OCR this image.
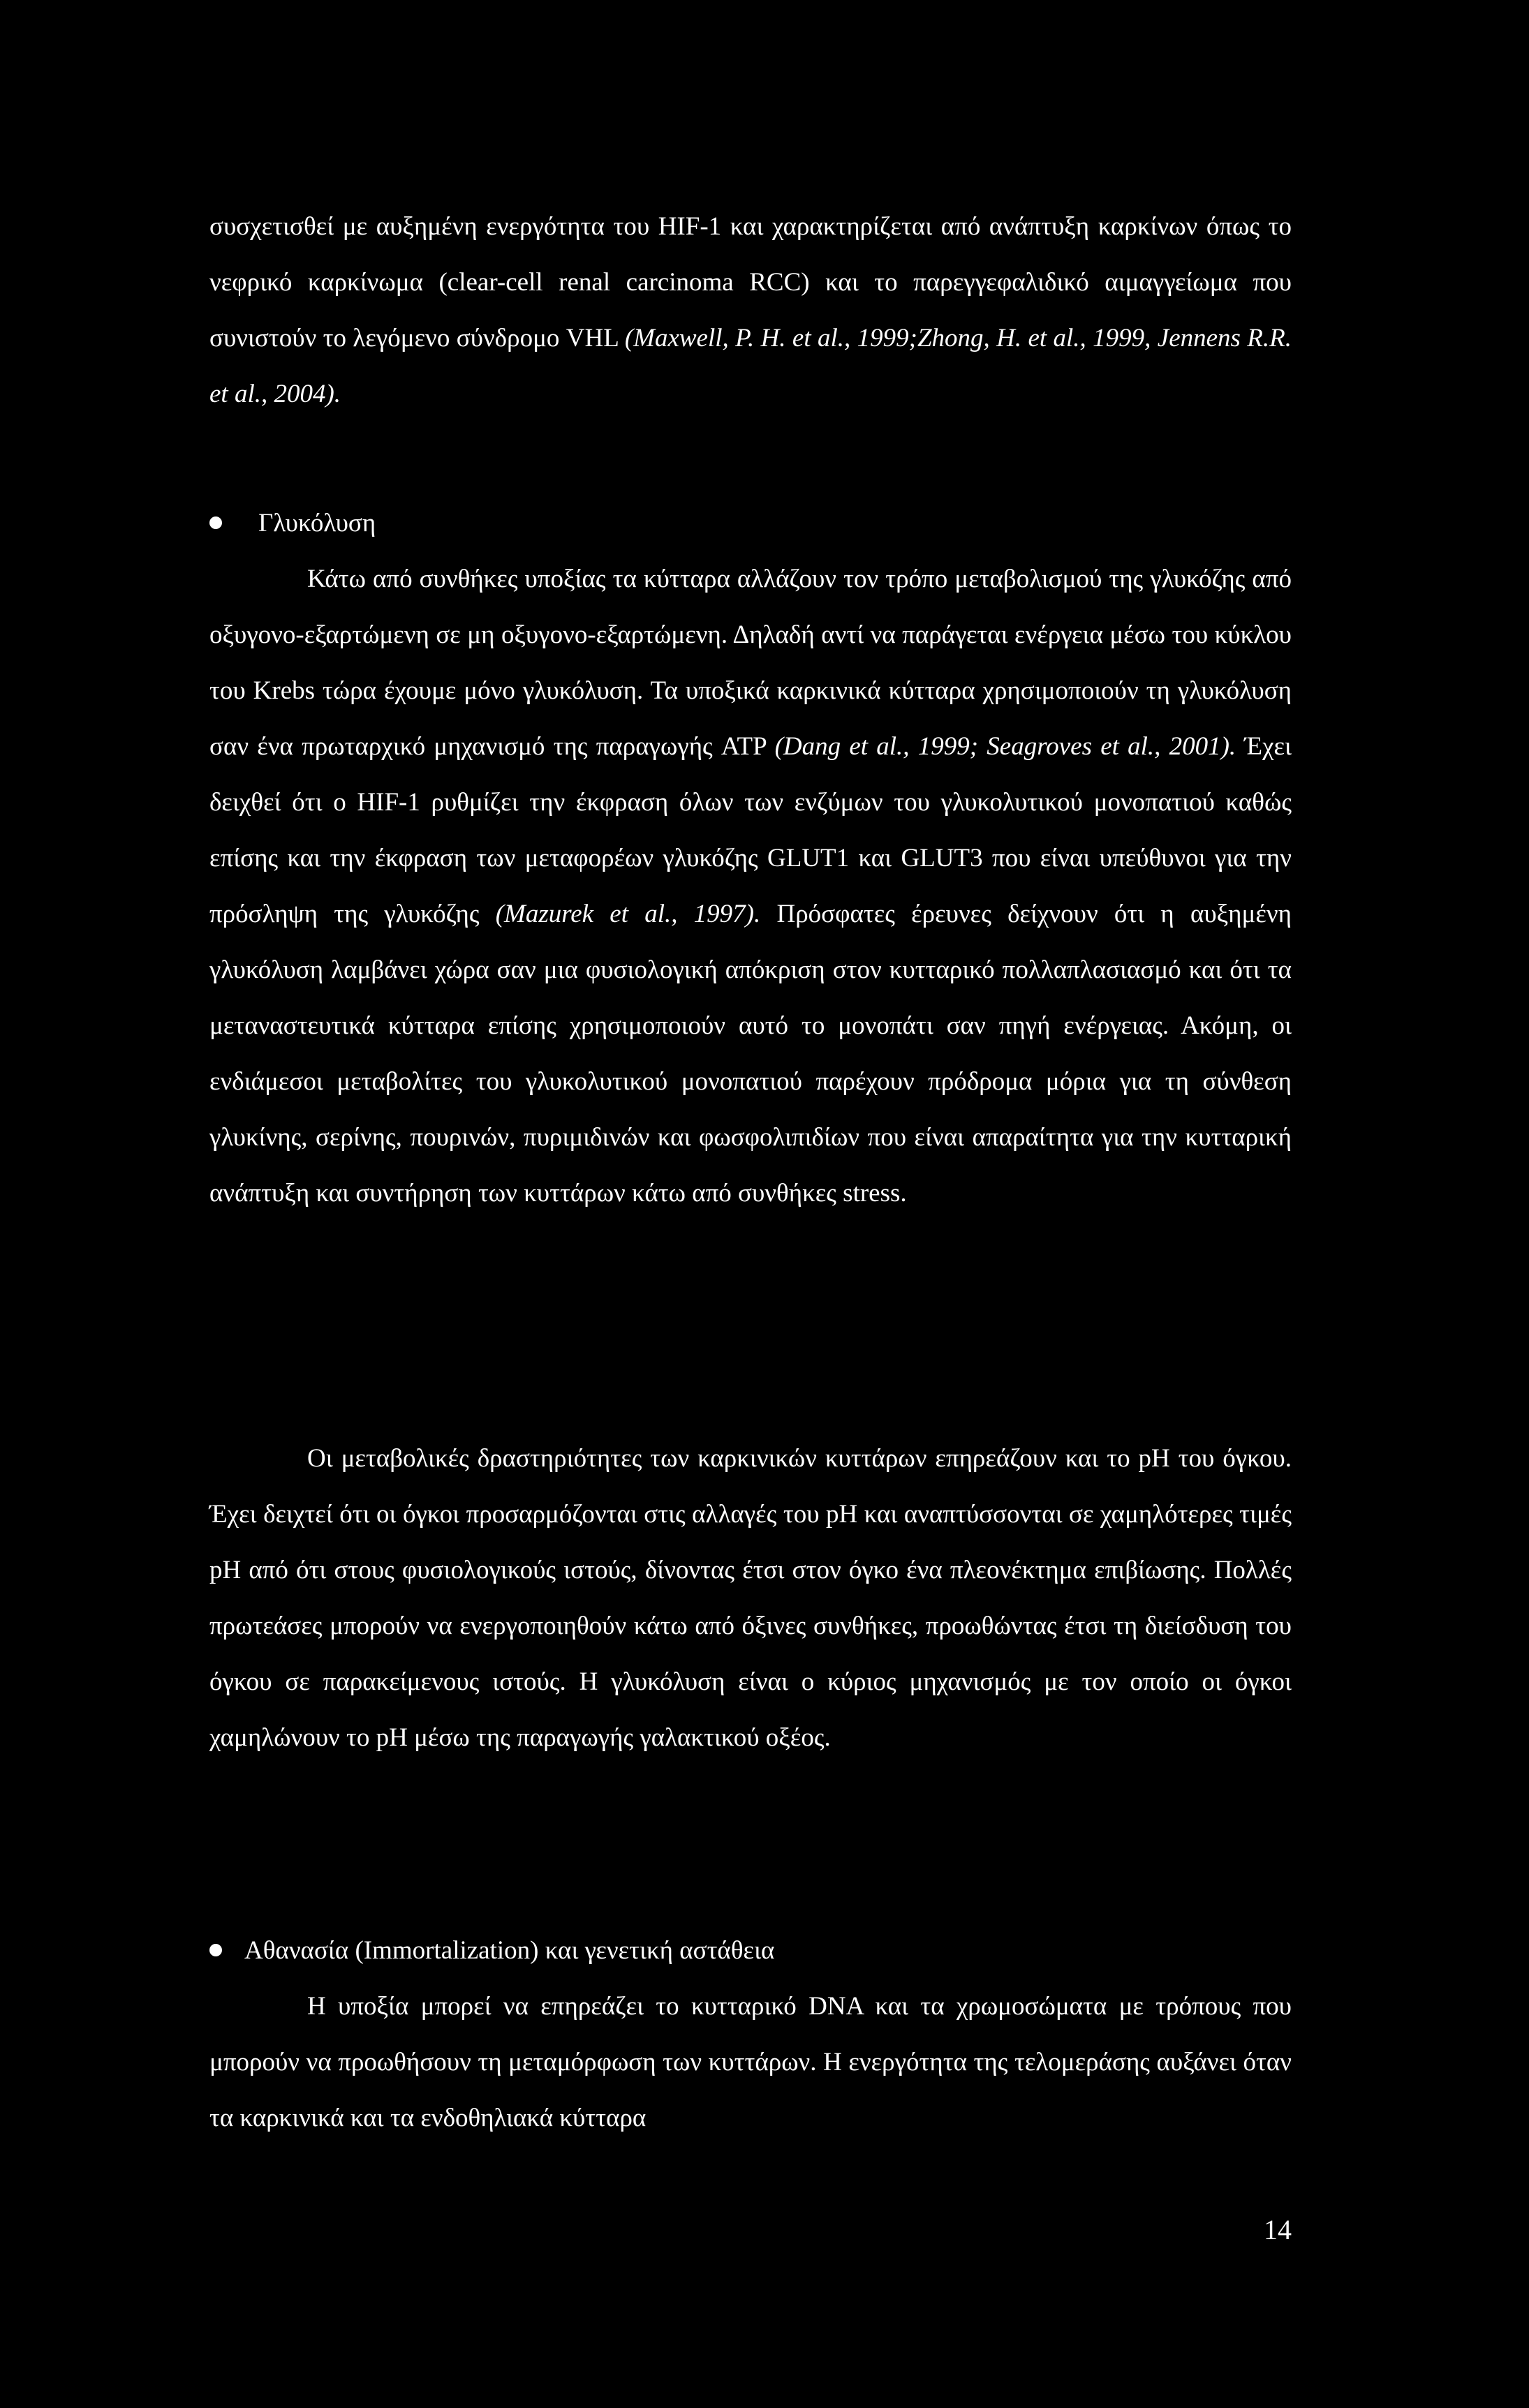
συσχετισθεί με αυξημένη ενεργότητα του HIF-1 και χαρακτηρίζεται από ανάπτυξη καρκίνων όπως το νεφρικό καρκίνωμα (clear-cell renal carcinoma RCC) και το παρεγγεφαλιδικό αιμαγγείωμα που συνιστούν το λεγόμενο σύνδρομο VHL (Maxwell, P. H. et al., 1999;Zhong, H. et al., 1999, Jennens R.R. et al., 2004).
Γλυκόλυση
Κάτω από συνθήκες υποξίας τα κύτταρα αλλάζουν τον τρόπο μεταβολισμού της γλυκόζης από οξυγονο-εξαρτώμενη σε μη οξυγονο-εξαρτώμενη. Δηλαδή αντί να παράγεται ενέργεια μέσω του κύκλου του Krebs τώρα έχουμε μόνο γλυκόλυση. Τα υποξικά καρκινικά κύτταρα χρησιμοποιούν τη γλυκόλυση σαν ένα πρωταρχικό μηχανισμό της παραγωγής ATP (Dang et al., 1999; Seagroves et al., 2001). Έχει δειχθεί ότι ο HIF-1 ρυθμίζει την έκφραση όλων των ενζύμων του γλυκολυτικού μονοπατιού καθώς επίσης και την έκφραση των μεταφορέων γλυκόζης GLUT1 και GLUT3 που είναι υπεύθυνοι για την πρόσληψη της γλυκόζης (Mazurek et al., 1997). Πρόσφατες έρευνες δείχνουν ότι η αυξημένη γλυκόλυση λαμβάνει χώρα σαν μια φυσιολογική απόκριση στον κυτταρικό πολλαπλασιασμό και ότι τα μεταναστευτικά κύτταρα επίσης χρησιμοποιούν αυτό το μονοπάτι σαν πηγή ενέργειας. Ακόμη, οι ενδιάμεσοι μεταβολίτες του γλυκολυτικού μονοπατιού παρέχουν πρόδρομα μόρια για τη σύνθεση γλυκίνης, σερίνης, πουρινών, πυριμιδινών και φωσφολιπιδίων που είναι απαραίτητα για την κυτταρική ανάπτυξη και συντήρηση των κυττάρων κάτω από συνθήκες stress.
Οι μεταβολικές δραστηριότητες των καρκινικών κυττάρων επηρεάζουν και το pH του όγκου. Έχει δειχτεί ότι οι όγκοι προσαρμόζονται στις αλλαγές του pH και αναπτύσσονται σε χαμηλότερες τιμές pH από ότι στους φυσιολογικούς ιστούς, δίνοντας έτσι στον όγκο ένα πλεονέκτημα επιβίωσης. Πολλές πρωτεάσες μπορούν να ενεργοποιηθούν κάτω από όξινες συνθήκες, προωθώντας έτσι τη διείσδυση του όγκου σε παρακείμενους ιστούς. Η γλυκόλυση είναι ο κύριος μηχανισμός με τον οποίο οι όγκοι χαμηλώνουν το pH μέσω της παραγωγής γαλακτικού οξέος.
Αθανασία (Immortalization) και γενετική αστάθεια
Η υποξία μπορεί να επηρεάζει το κυτταρικό DNA και τα χρωμοσώματα με τρόπους που μπορούν να προωθήσουν τη μεταμόρφωση των κυττάρων. Η ενεργότητα της τελομεράσης αυξάνει όταν τα καρκινικά και τα ενδοθηλιακά κύτταρα
14
